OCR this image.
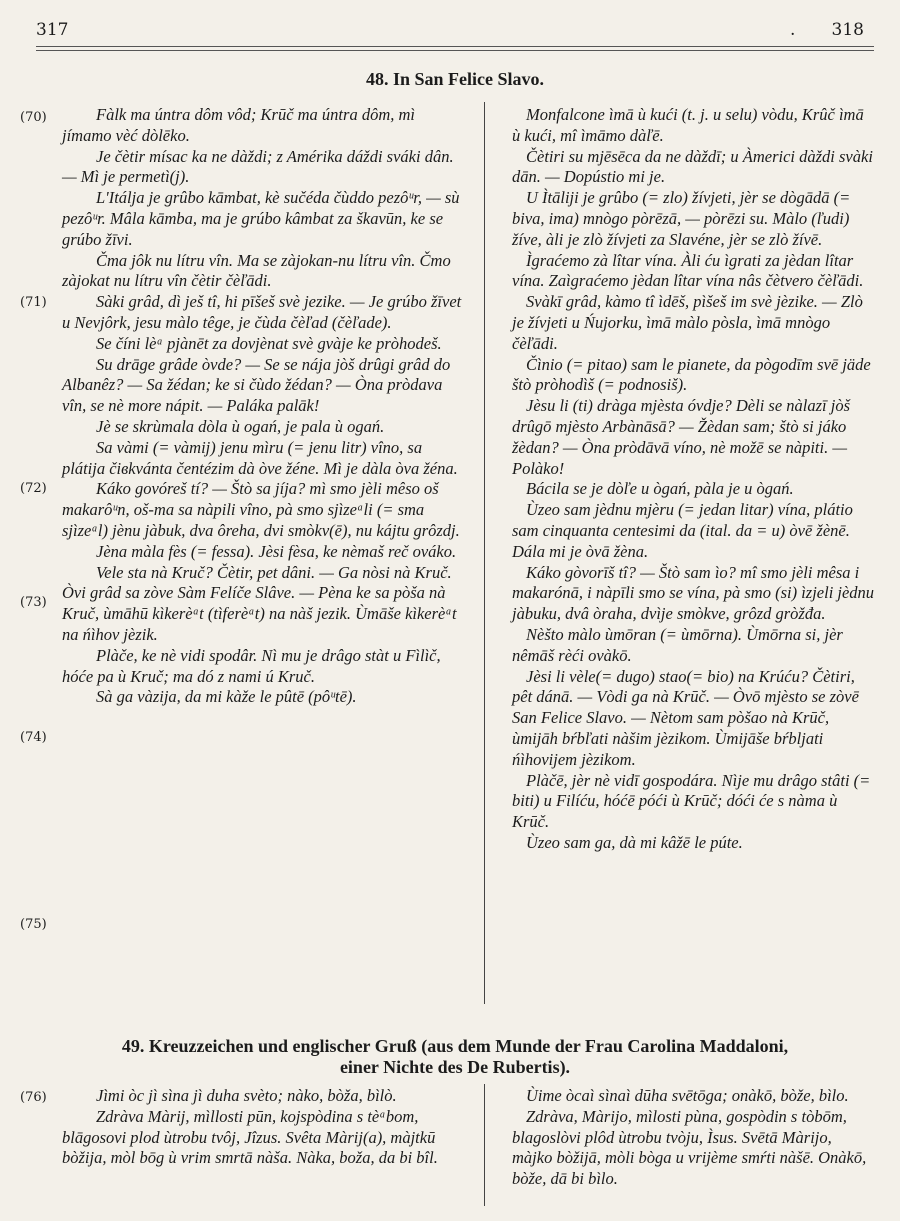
317	. 318
48. In San Felice Slavo.
(70)
(71)
(72)
(73)
(74)
(75)

Fàlk ma úntra dôm vôd; Krūč ma úntra dôm, mì jímamo vèć dòlēko.

Je čètir mísac ka ne dàždi; z Amérika dáždi sváki dân. — Mì je permetì(j).

L'Itálja je grûbo kāmbat, kè sučéda čùddo pezôᵘr, — sù pezôᵘr. Mâla kāmba, ma je grúbo kâmbat za škavūn, ke se grúbo žīvi.

Čma jôk nu lítru vîn. Ma se zàjokan-nu lítru vîn. Čmo zàjokat nu lítru vîn čètir čèľādi.

Sàki grâd, dì ješ tî, hi pīšeš svè jezike. — Je grúbo žīvet u Nevjôrk, jesu màlo têge, je čùda čèľad (čèľade).

Se číni lèᵃ pjànēt za dovjènat svè gvàje ke pròhodeš.

Su drāge grâde òvde? — Se se nája jòš drûgi grâd do Albanêz? — Sa žédan; ke si čùdo žédan? — Òna pròdava vîn, se nè more nápit. — Paláka palāk!

Jè se skrùmala dòla ù ogań, je pala ù ogań.

Sa vàmi (= vàmij) jenu mìru (= jenu litr) vîno, sa plátija čiвkvánta čentézim dà òve žéne. Mì je dàla òva žéna.

Káko govóreš tí? — Štò sa jíja? mì smo jèli mêso oš makarôᵘn, oš-ma sa nàpili vîno, pà smo sjìzeᵃli (= sma sjìzeᵃl) jènu jàbuk, dva ôreha, dvi smòkv(ē), nu kájtu grôzdj.

Jèna màla fès (= fessa). Jèsi fèsa, ke nèmaš reč ováko.

Vele sta nà Kruč? Čètir, pet dâni. — Ga nòsi nà Kruč. Òvi grâd sa zòve Sàm Felíče Slâve. — Pèna ke sa pòša nà Kruč, ùmāhū kìkerèᵃt (tìferèᵃt) na nàš jezik. Ùmāše kìkerèᵃt na ńìhov jèzik.

Plàče, ke nè vidi spodâr. Nì mu je drâgo stàt u Fìlìč, hóće pa ù Kruč; ma dó z nami ú Kruč.

Sà ga vàzija, da mi kàže le pûtē (pôᵘtē).

Monfalcone ìmā ù kući (t. j. u selu) vòdu, Krûč ìmā ù kući, mî ìmāmo dàľē.

Čètiri su mjēsēca da ne dàždī; u Àmerici dàždi svàki dān. — Dopústio mi je.

U Ìtāliji je grûbo (= zlo) žívjeti, jèr se dògādā (= biva, ima) mnògo pòrēzā, — pòrēzi su. Màlo (ľudi) žíve, àli je zlò žívjeti za Slavéne, jèr se zlò žívē.

Ìgraćemo zà lîtar vína. Àli ću ìgrati za jèdan lîtar vína. Zaìgraćemo jèdan lîtar vína nâs čètvero čèľādi.

Svàkī grâd, kàmo tî ìdēš, pìšeš im svè jèzike. — Zlò je žívjeti u Ńujorku, ìmā màlo pòsla, ìmā mnògo čèľādi.

Čìnio (= pitao) sam le pianete, da pògodīm svē jäde štò pròhodìš (= podnosiš).

Jèsu li (ti) dràga mjèsta óvdje? Dèli se nàlazī jòš drûgō mjèsto Arbànāsā? — Žèdan sam; štò si jáko žèdan? — Òna pròdāvā víno, nè možē se nàpiti. — Polàko!

Bácila se je dòľe u ògań, pàla je u ògań.

Ùzeo sam jèdnu mjèru (= jedan litar) vína, plátio sam cinquanta centesimi da (ital. da = u) òvē žènē. Dála mi je òvā žèna.

Káko gòvorīš tî? — Štò sam ìo? mî smo jèli mêsa i makarónā, i nàpīli smo se vína, pà smo (si) ìzjeli jèdnu jàbuku, dvâ òraha, dvìje smòkve, grôzd gròžđa.

Nèšto màlo ùmōran (= ùmōrna). Ùmōrna si, jèr nêmāš rèći ovàkō.

Jèsi li vèle(= dugo) stao(= bio) na Krúću? Čètiri, pêt dánā. — Vòdi ga nà Krūč. — Òvō mjèsto se zòvē San Felice Slavo. — Nètom sam pòšao nà Krūč, ùmijāh bŕbľati nàšim jèzikom. Ùmijāše bŕbljati ńìhovijem jèzikom.

Plàčē, jèr nè vidī gospodára. Nìje mu drâgo stâti (= biti) u Filíću, hóćē póći ù Krūč; dóći će s nàma ù Krūč.

Ùzeo sam ga, dà mi kâžē le púte.

49. Kreuzzeichen und englischer Gruß (aus dem Munde der Frau Carolina Maddaloni,
einer Nichte des De Rubertis).
(76)	Jìmi òc jì sìna jì duha svèto; nàko, bòža, bìlò.

Zdràva Màrij, mìllosti pūn, kojspòdina s tèᵃbom, blāgosovi plod ùtrobu tvôj, Jîzus. Svêta Màrij(a), màjtkū bòžija, mòl bōg ù vrim smrtā nàša. Nàka, boža, da bi bîl.

Ùime òcaì sìnaì dūha svētōga; onàkō, bòže, bìlo.

Zdràva, Màrijo, mìlosti pùna, gospòdin s tòbōm, blagoslòvi plôd ùtrobu tvòju, Ìsus. Svētā Màrijo, màjko bòžijā, mòli bòga u vrijème smŕti nàšē. Onàkō, bòže, dā bi bìlo.
